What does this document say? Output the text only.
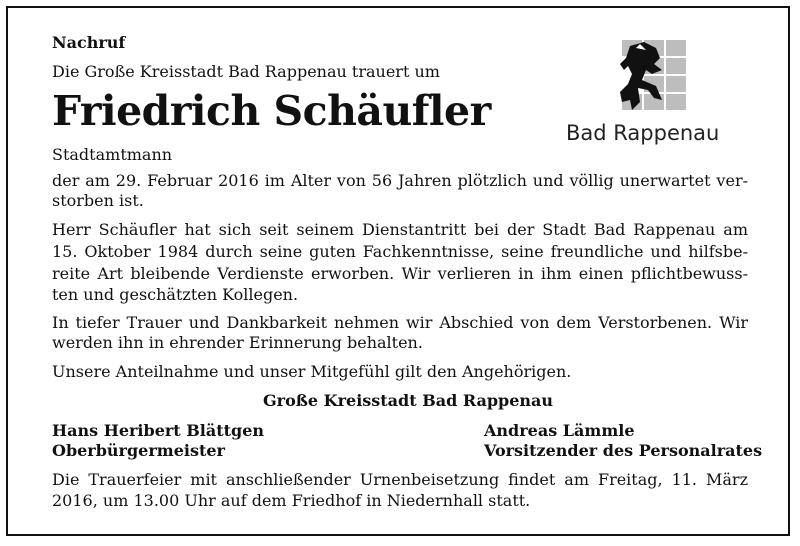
Nachruf
Die Große Kreisstadt Bad Rappenau trauert um
Friedrich Schäufler
Stadtamtmann
der am 29. Februar 2016 im Alter von 56 Jahren plötzlich und völlig unerwartet ver-
storben ist.
Herr Schäufler hat sich seit seinem Dienstantritt bei der Stadt Bad Rappenau am
15. Oktober 1984 durch seine guten Fachkenntnisse, seine freundliche und hilfsbe-
reite Art bleibende Verdienste erworben. Wir verlieren in ihm einen pflichtbewuss-
ten und geschätzten Kollegen.
In tiefer Trauer und Dankbarkeit nehmen wir Abschied von dem Verstorbenen. Wir
werden ihn in ehrender Erinnerung behalten.
Unsere Anteilnahme und unser Mitgefühl gilt den Angehörigen.
Große Kreisstadt Bad Rappenau
Hans Heribert Blättgen
Oberbürgermeister
Andreas Lämmle
Vorsitzender des Personalrates
Die Trauerfeier mit anschließender Urnenbeisetzung findet am Freitag, 11. März
2016, um 13.00 Uhr auf dem Friedhof in Niedernhall statt.
Bad Rappenau
